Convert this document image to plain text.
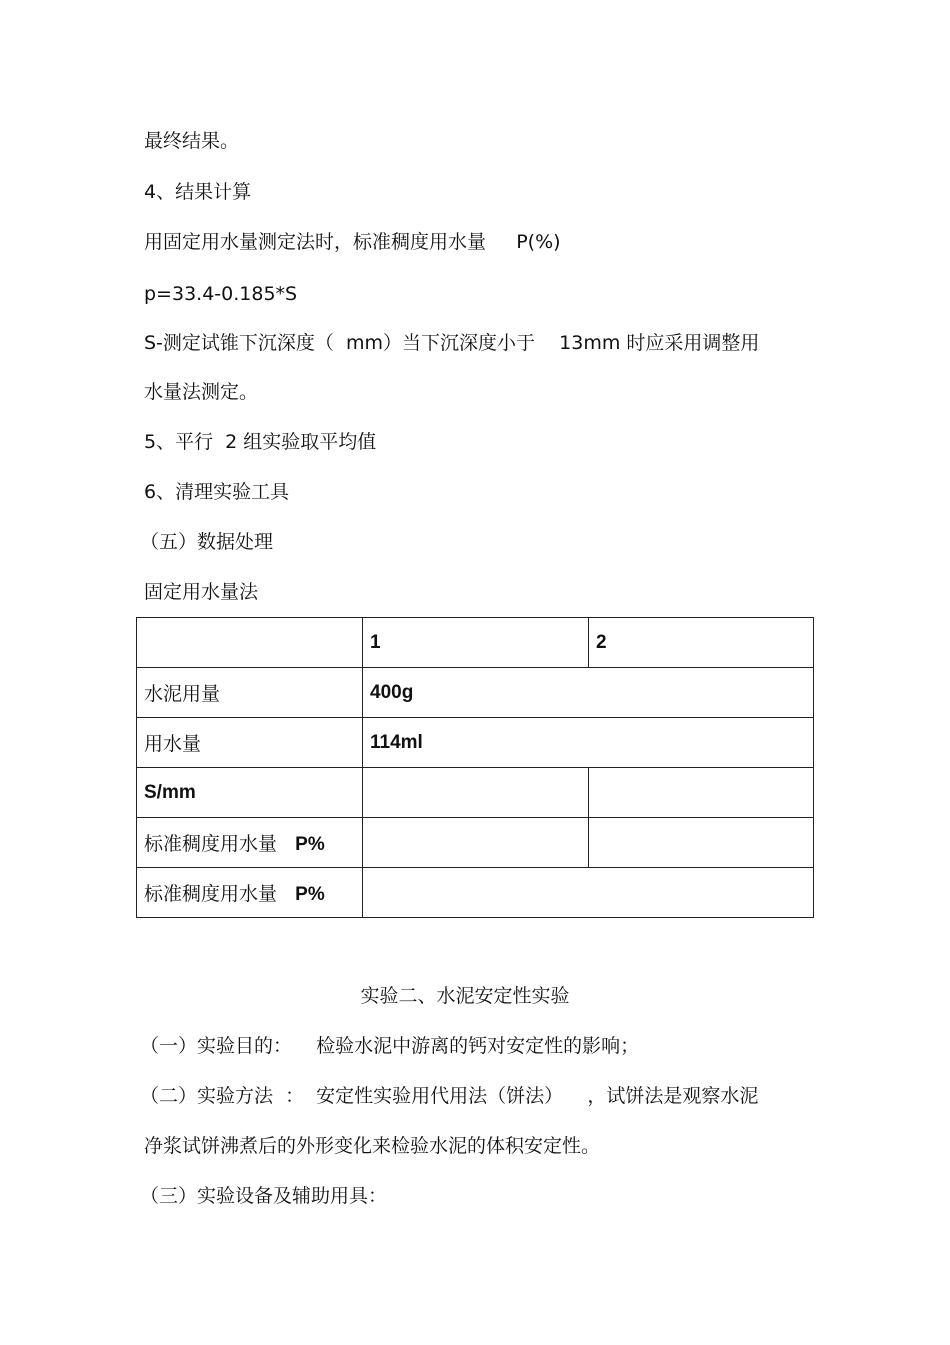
最终结果。
4、结果计算
用固定用水量测定法时，标准稠度用水量     P(%)
p=33.4-0.185*S
S-测定试锥下沉深度（  mm）当下沉深度小于    13mm 时应采用调整用
水量法测定。
5、平行  2 组实验取平均值
6、清理实验工具
（五）数据处理
固定用水量法
	1	2
水泥用量	400g	
用水量	114ml	
S/mm		
标准稠度用水量 P%		
标准稠度用水量 P%		
实验二、水泥安定性实验
（一）实验目的：    检验水泥中游离的钙对安定性的影响；
（二）实验方法  ：  安定性实验用代用法（饼法）    ，试饼法是观察水泥
净浆试饼沸煮后的外形变化来检验水泥的体积安定性。
（三）实验设备及辅助用具：
